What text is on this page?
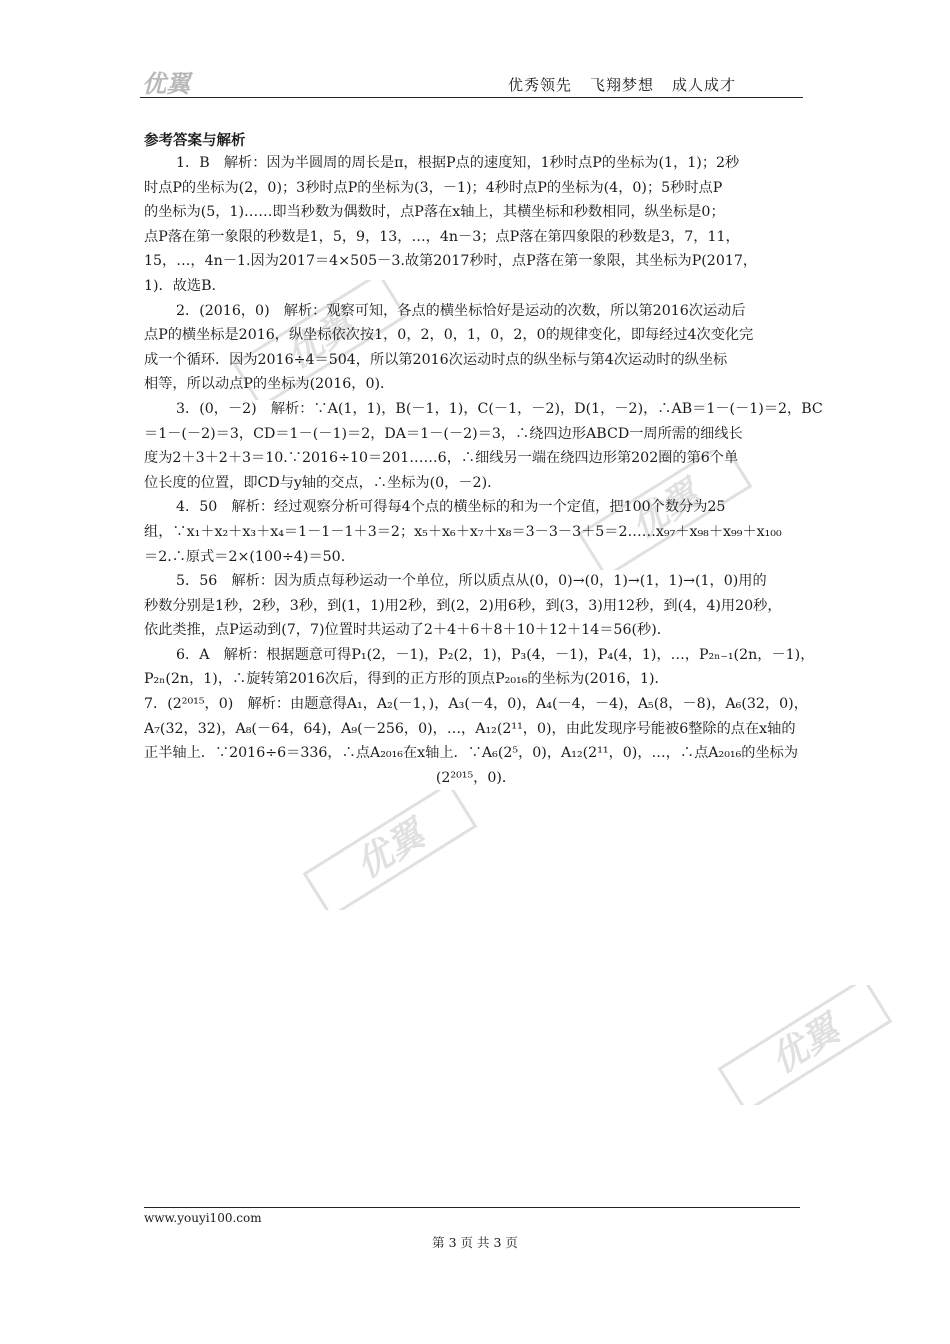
优翼	优秀领先 飞翔梦想 成人成才
优翼
优翼
优翼
优翼
参考答案与解析
1．B　解析：因为半圆周的周长是π，根据P点的速度知，1秒时点P的坐标为(1，1)；2秒
时点P的坐标为(2，0)；3秒时点P的坐标为(3，－1)；4秒时点P的坐标为(4，0)；5秒时点P
的坐标为(5，1)……即当秒数为偶数时，点P落在x轴上，其横坐标和秒数相同，纵坐标是0；
点P落在第一象限的秒数是1，5，9，13，…，4n－3；点P落在第四象限的秒数是3，7，11，
15，…，4n－1.因为2017＝4×505－3.故第2017秒时，点P落在第一象限，其坐标为P(2017，
1)．故选B.
2．(2016，0)　解析：观察可知，各点的横坐标恰好是运动的次数，所以第2016次运动后
点P的横坐标是2016，纵坐标依次按1，0，2，0，1，0，2，0的规律变化，即每经过4次变化完
成一个循环．因为2016÷4＝504，所以第2016次运动时点的纵坐标与第4次运动时的纵坐标
相等，所以动点P的坐标为(2016，0)．
3．(0，－2)　解析：∵A(1，1)，B(－1，1)，C(－1，－2)，D(1，－2)，∴AB＝1－(－1)＝2，BC
＝1－(－2)＝3，CD＝1－(－1)＝2，DA＝1－(－2)＝3，∴绕四边形ABCD一周所需的细线长
度为2＋3＋2＋3＝10.∵2016÷10＝201……6，∴细线另一端在绕四边形第202圈的第6个单
位长度的位置，即CD与y轴的交点，∴坐标为(0，－2)．
4．50　解析：经过观察分析可得每4个点的横坐标的和为一个定值，把100个数分为25
组，∵x₁＋x₂＋x₃＋x₄＝1－1－1＋3＝2；x₅＋x₆＋x₇＋x₈＝3－3－3＋5＝2……x₉₇＋x₉₈＋x₉₉＋x₁₀₀
＝2.∴原式＝2×(100÷4)＝50.
5．56　解析：因为质点每秒运动一个单位，所以质点从(0，0)→(0，1)→(1，1)→(1，0)用的
秒数分别是1秒，2秒，3秒，到(1，1)用2秒，到(2，2)用6秒，到(3，3)用12秒，到(4，4)用20秒，
依此类推，点P运动到(7，7)位置时共运动了2＋4＋6＋8＋10＋12＋14＝56(秒)．
6．A　解析：根据题意可得P₁(2，－1)，P₂(2，1)，P₃(4，－1)，P₄(4，1)，…，P₂ₙ₋₁(2n，－1)，
P₂ₙ(2n，1)，∴旋转第2016次后，得到的正方形的顶点P₂₀₁₆的坐标为(2016，1)．
7．(2²⁰¹⁵，0)　解析：由题意得A₁，A₂(－1，)，A₃(－4，0)，A₄(－4，－4)，A₅(8，－8)，A₆(32，0)，
A₇(32，32)，A₈(－64，64)，A₉(－256，0)，…，A₁₂(2¹¹，0)，由此发现序号能被6整除的点在x轴的
正半轴上．∵2016÷6＝336，∴点A₂₀₁₆在x轴上．∵A₆(2⁵，0)，A₁₂(2¹¹，0)，…，∴点A₂₀₁₆的坐标为
(2²⁰¹⁵，0)．
www.youyi100.com
第 3 页 共 3 页
